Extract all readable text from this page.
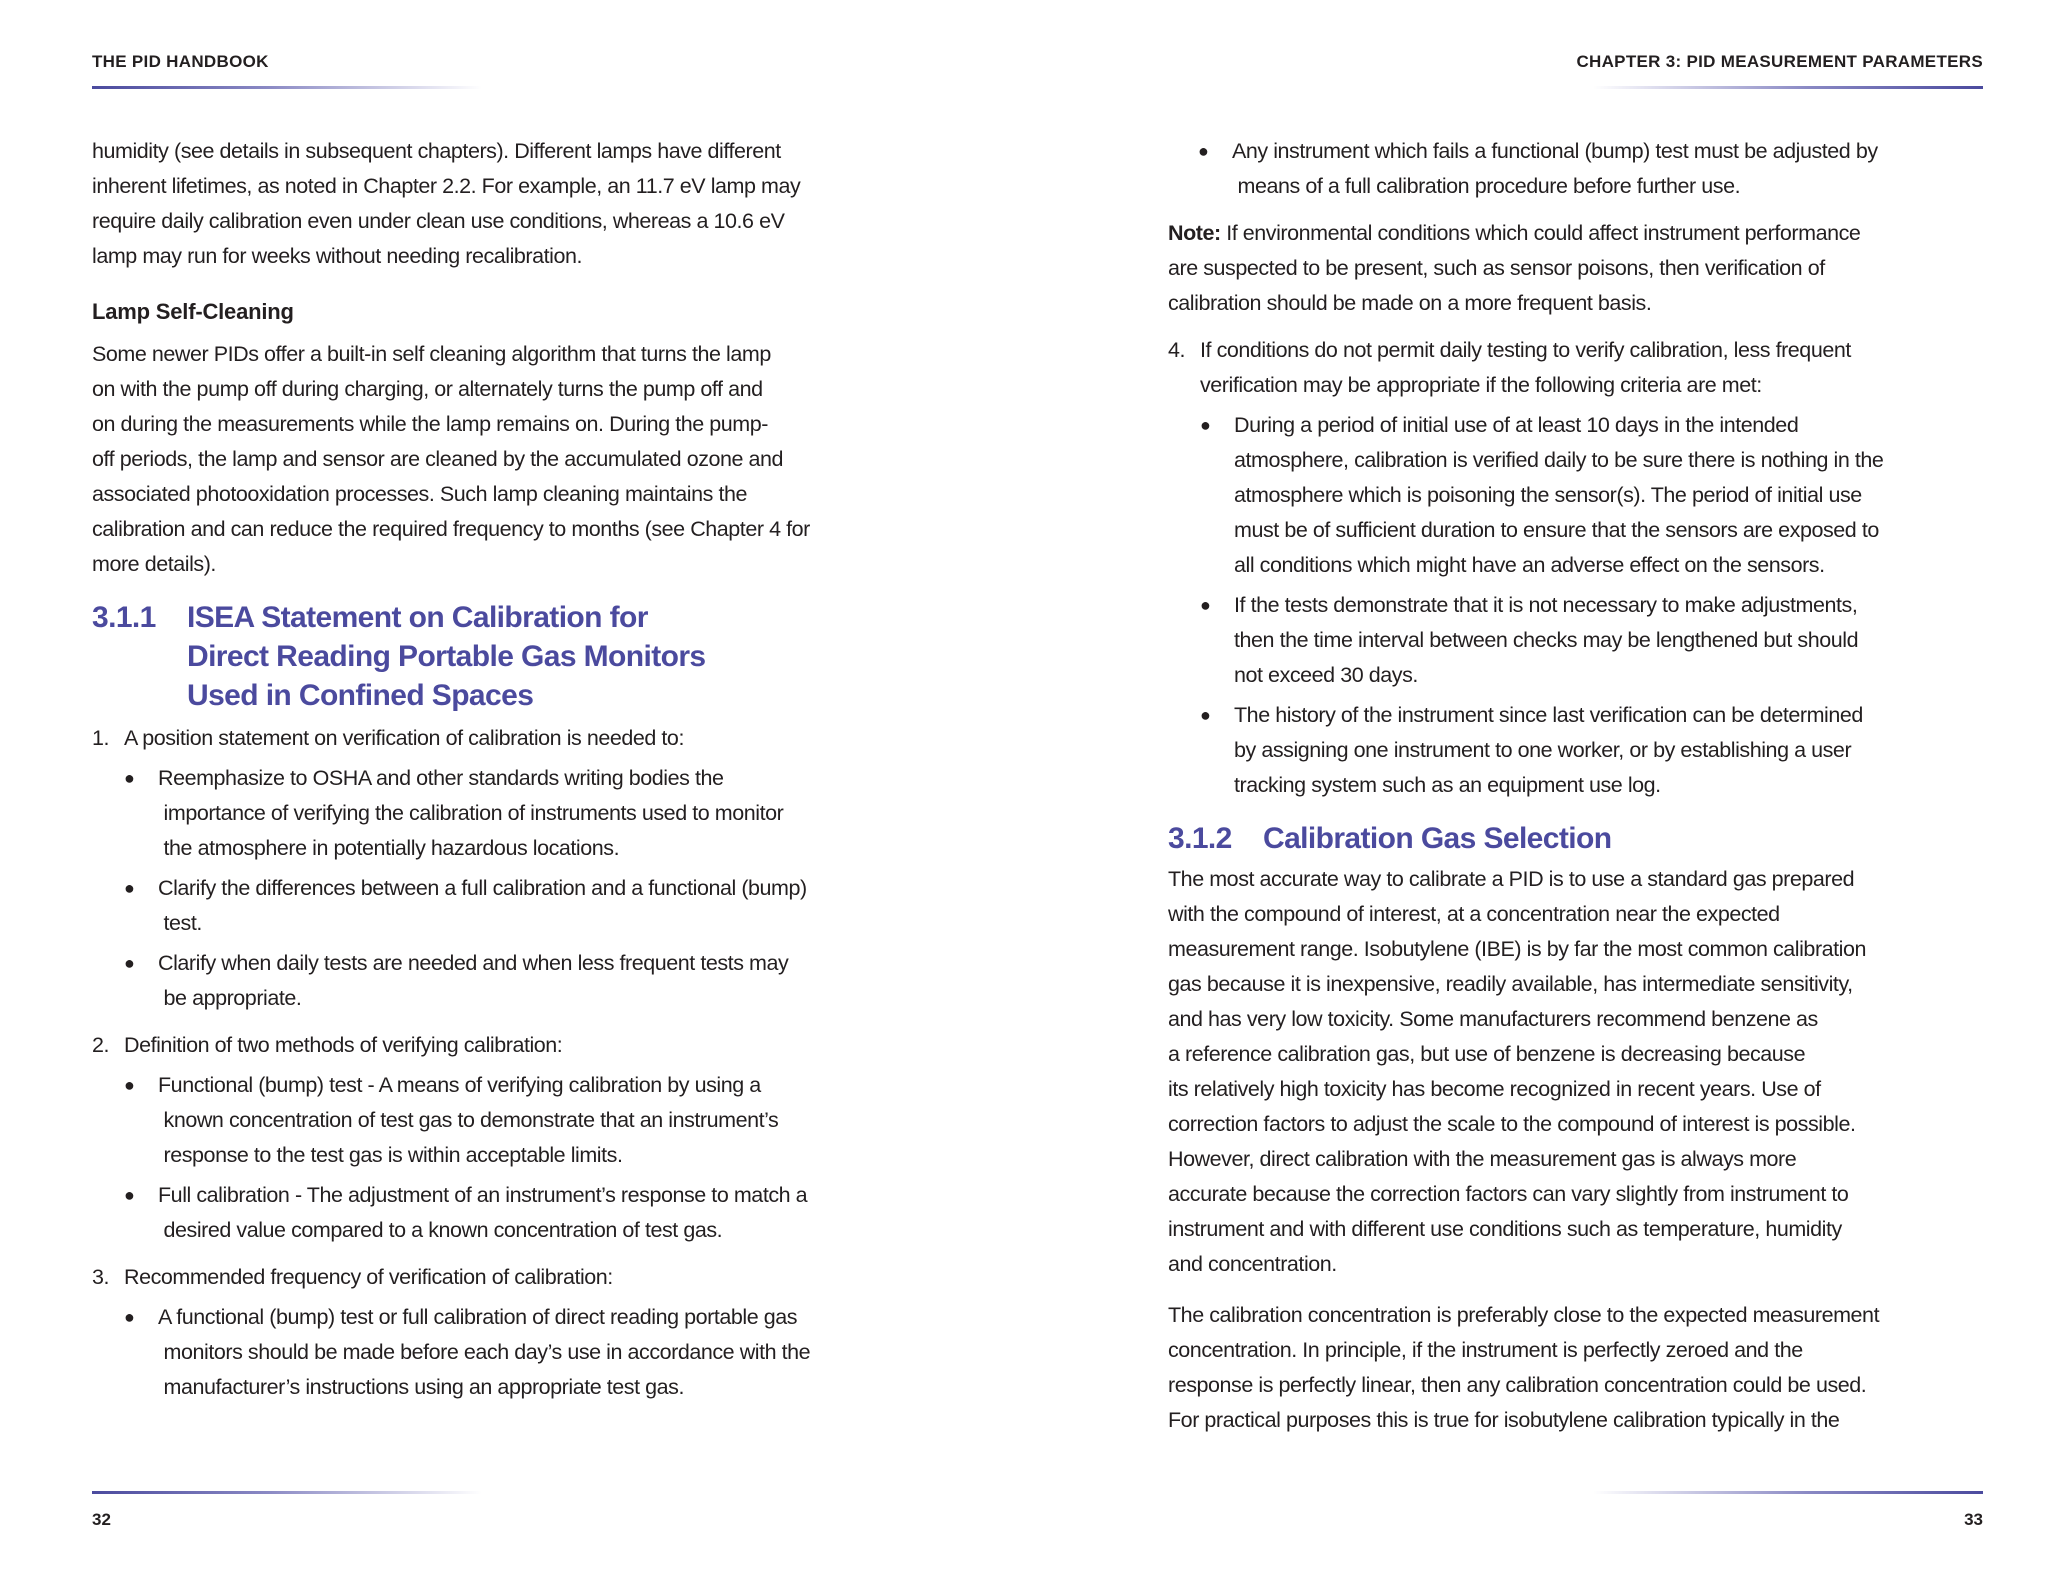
THE PID HANDBOOK

humidity (see details in subsequent chapters). Different lamps have different
inherent lifetimes, as noted in Chapter 2.2. For example, an 11.7 eV lamp may
require daily calibration even under clean use conditions, whereas a 10.6 eV
lamp may run for weeks without needing recalibration.

Lamp Self-Cleaning

Some newer PIDs offer a built-in self cleaning algorithm that turns the lamp
on with the pump off during charging, or alternately turns the pump off and
on during the measurements while the lamp remains on. During the pump-
off periods, the lamp and sensor are cleaned by the accumulated ozone and
associated photooxidation processes. Such lamp cleaning maintains the
calibration and can reduce the required frequency to months (see Chapter 4 for
more details).

3.1.1	ISEA Statement on Calibration for
Direct Reading Portable Gas Monitors
Used in Confined Spaces
1. A position statement on verification of calibration is needed to:
●	Reemphasize to OSHA and other standards writing bodies the
importance of verifying the calibration of instruments used to monitor
the atmosphere in potentially hazardous locations.
●	Clarify the differences between a full calibration and a functional (bump)
test.
●	Clarify when daily tests are needed and when less frequent tests may
be appropriate.
2. Definition of two methods of verifying calibration:
●	Functional (bump) test - A means of verifying calibration by using a
known concentration of test gas to demonstrate that an instrument’s
response to the test gas is within acceptable limits.
●	Full calibration - The adjustment of an instrument’s response to match a
desired value compared to a known concentration of test gas.
3. Recommended frequency of verification of calibration:
●	A functional (bump) test or full calibration of direct reading portable gas
monitors should be made before each day’s use in accordance with the
manufacturer’s instructions using an appropriate test gas.
32
CHAPTER 3: PID MEASUREMENT PARAMETERS
●	Any instrument which fails a functional (bump) test must be adjusted by
means of a full calibration procedure before further use.

Note: If environmental conditions which could affect instrument performance
are suspected to be present, such as sensor poisons, then verification of
calibration should be made on a more frequent basis.

4. If conditions do not permit daily testing to verify calibration, less frequent
verification may be appropriate if the following criteria are met:
●	During a period of initial use of at least 10 days in the intended
atmosphere, calibration is verified daily to be sure there is nothing in the
atmosphere which is poisoning the sensor(s). The period of initial use
must be of sufficient duration to ensure that the sensors are exposed to
all conditions which might have an adverse effect on the sensors.
●	If the tests demonstrate that it is not necessary to make adjustments,
then the time interval between checks may be lengthened but should
not exceed 30 days.
●	The history of the instrument since last verification can be determined
by assigning one instrument to one worker, or by establishing a user
tracking system such as an equipment use log.
3.1.2	Calibration Gas Selection

The most accurate way to calibrate a PID is to use a standard gas prepared
with the compound of interest, at a concentration near the expected
measurement range. Isobutylene (IBE) is by far the most common calibration
gas because it is inexpensive, readily available, has intermediate sensitivity,
and has very low toxicity. Some manufacturers recommend benzene as
a reference calibration gas, but use of benzene is decreasing because
its relatively high toxicity has become recognized in recent years. Use of
correction factors to adjust the scale to the compound of interest is possible.
However, direct calibration with the measurement gas is always more
accurate because the correction factors can vary slightly from instrument to
instrument and with different use conditions such as temperature, humidity
and concentration.

The calibration concentration is preferably close to the expected measurement
concentration. In principle, if the instrument is perfectly zeroed and the
response is perfectly linear, then any calibration concentration could be used.
For practical purposes this is true for isobutylene calibration typically in the

33
